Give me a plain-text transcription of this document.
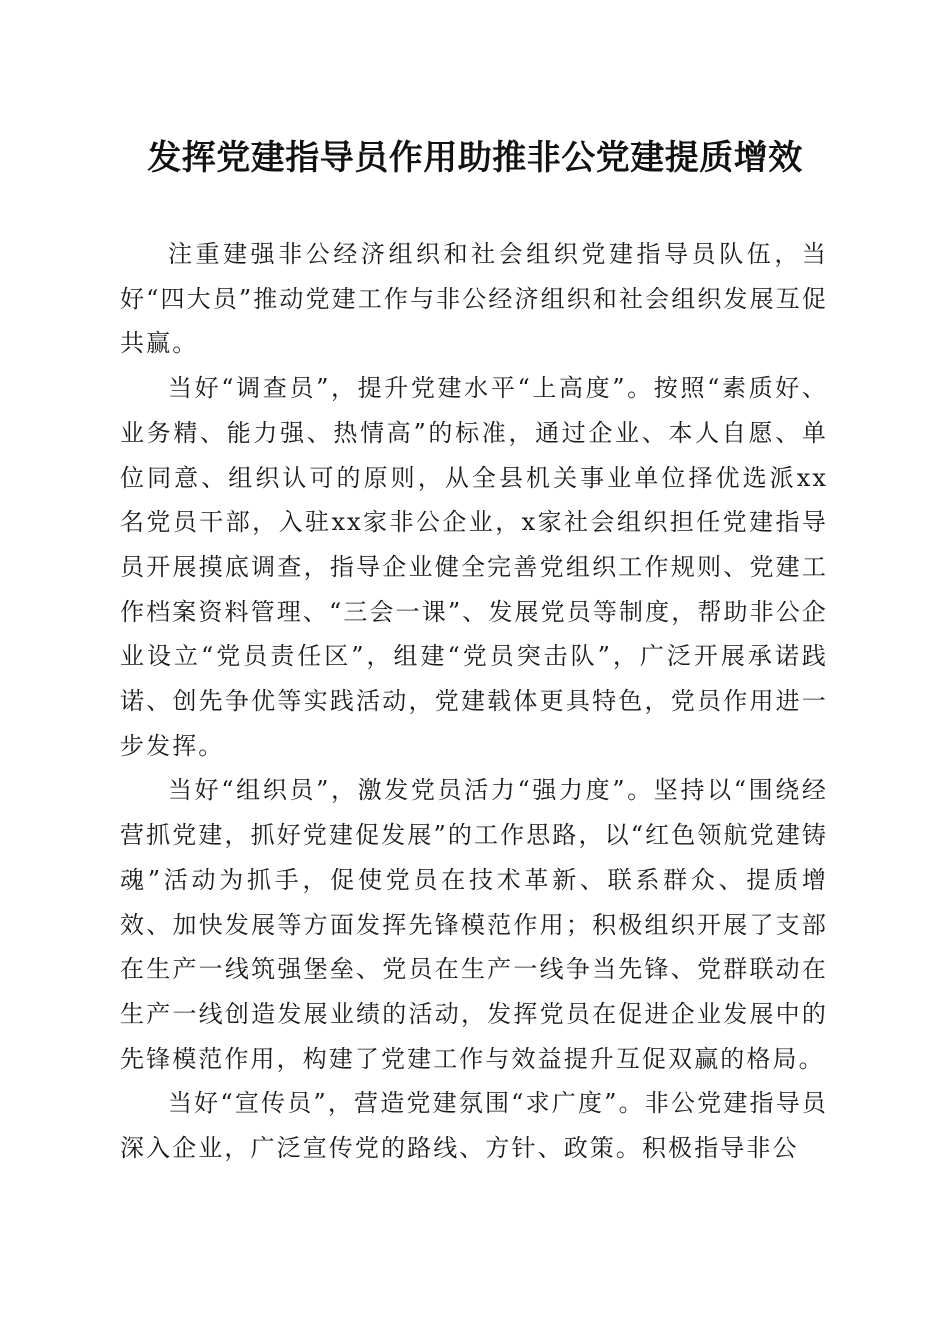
发挥党建指导员作用助推非公党建提质增效

注重建强非公经济组织和社会组织党建指导员队伍，当好“四大员”推动党建工作与非公经济组织和社会组织发展互促共赢。

当好“调查员”，提升党建水平“上高度”。按照“素质好、业务精、能力强、热情高”的标准，通过企业、本人自愿、单位同意、组织认可的原则，从全县机关事业单位择优选派xx名党员干部，入驻xx家非公企业，x家社会组织担任党建指导员开展摸底调查，指导企业健全完善党组织工作规则、党建工作档案资料管理、“三会一课”、发展党员等制度，帮助非公企业设立“党员责任区”，组建“党员突击队”，广泛开展承诺践诺、创先争优等实践活动，党建载体更具特色，党员作用进一步发挥。

当好“组织员”，激发党员活力“强力度”。坚持以“围绕经营抓党建，抓好党建促发展”的工作思路，以“红色领航党建铸魂”活动为抓手，促使党员在技术革新、联系群众、提质增效、加快发展等方面发挥先锋模范作用；积极组织开展了支部在生产一线筑强堡垒、党员在生产一线争当先锋、党群联动在生产一线创造发展业绩的活动，发挥党员在促进企业发展中的先锋模范作用，构建了党建工作与效益提升互促双赢的格局。

当好“宣传员”，营造党建氛围“求广度”。非公党建指导员深入企业，广泛宣传党的路线、方针、政策。积极指导非公
